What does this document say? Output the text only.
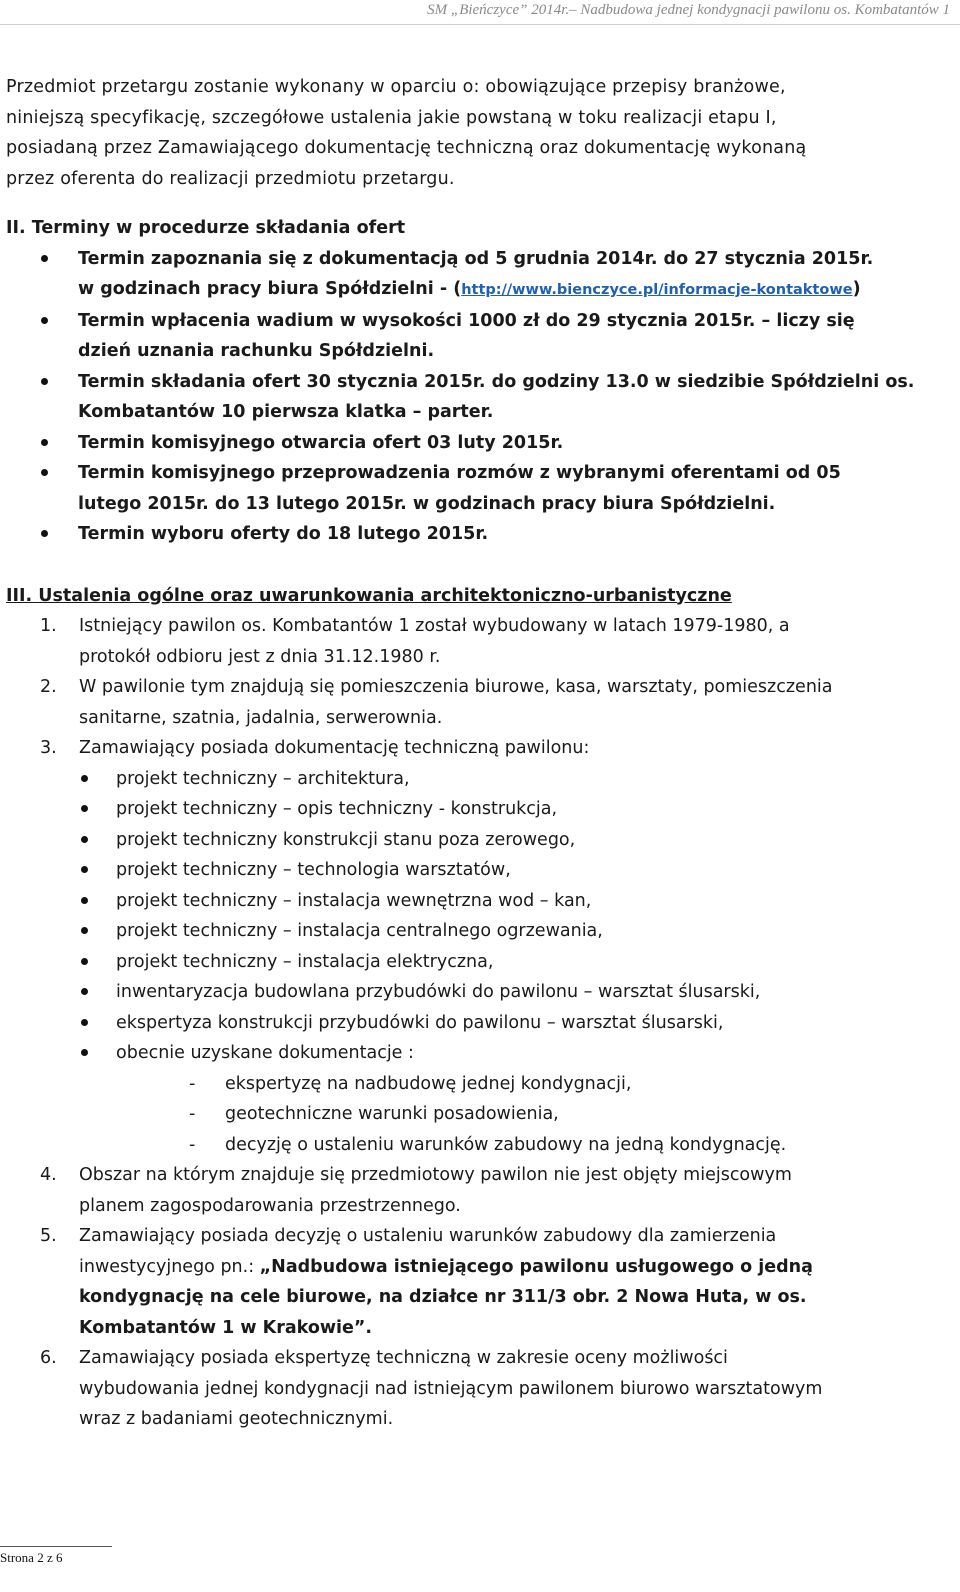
SM „Bieńczyce” 2014r.– Nadbudowa jednej kondygnacji pawilonu os. Kombatantów 1

Przedmiot przetargu zostanie wykonany w oparciu o: obowiązujące przepisy branżowe,

niniejszą specyfikację, szczegółowe ustalenia jakie powstaną w toku realizacji etapu I,

posiadaną przez Zamawiającego dokumentację techniczną oraz dokumentację wykonaną

przez oferenta do realizacji przedmiotu przetargu.

II. Terminy w procedurze składania ofert

Termin zapoznania się z dokumentacją od 5 grudnia 2014r. do 27 stycznia 2015r.
w godzinach pracy biura Spółdzielni - (http://www.bienczyce.pl/informacje-kontaktowe)
Termin wpłacenia wadium w wysokości 1000 zł do 29 stycznia 2015r. – liczy się
dzień uznania rachunku Spółdzielni.
Termin składania ofert 30 stycznia 2015r. do godziny 13.0 w siedzibie Spółdzielni os.
Kombatantów 10 pierwsza klatka – parter.
Termin komisyjnego otwarcia ofert 03 luty 2015r.
Termin komisyjnego przeprowadzenia rozmów z wybranymi oferentami od 05
lutego 2015r. do 13 lutego 2015r. w godzinach pracy biura Spółdzielni.
Termin wyboru oferty do 18 lutego 2015r.

III. Ustalenia ogólne oraz uwarunkowania architektoniczno-urbanistyczne

1. Istniejący pawilon os. Kombatantów 1 został wybudowany w latach 1979-1980, a
protokół odbioru jest z dnia 31.12.1980 r.
2. W pawilonie tym znajdują się pomieszczenia biurowe, kasa, warsztaty, pomieszczenia
sanitarne, szatnia, jadalnia, serwerownia.
3. Zamawiający posiada dokumentację techniczną pawilonu:
projekt techniczny – architektura,
projekt techniczny – opis techniczny - konstrukcja,
projekt techniczny konstrukcji stanu poza zerowego,
projekt techniczny – technologia warsztatów,
projekt techniczny – instalacja wewnętrzna wod – kan,
projekt techniczny – instalacja centralnego ogrzewania,
projekt techniczny – instalacja elektryczna,
inwentaryzacja budowlana przybudówki do pawilonu – warsztat ślusarski,
ekspertyza konstrukcji przybudówki do pawilonu – warsztat ślusarski,
obecnie uzyskane dokumentacje :
- ekspertyzę na nadbudowę jednej kondygnacji,
- geotechniczne warunki posadowienia,
- decyzję o ustaleniu warunków zabudowy na jedną kondygnację.
4. Obszar na którym znajduje się przedmiotowy pawilon nie jest objęty miejscowym
planem zagospodarowania przestrzennego.
5. Zamawiający posiada decyzję o ustaleniu warunków zabudowy dla zamierzenia
inwestycyjnego pn.: „Nadbudowa istniejącego pawilonu usługowego o jedną
kondygnację na cele biurowe, na działce nr 311/3 obr. 2 Nowa Huta, w os.
Kombatantów 1 w Krakowie”.
6. Zamawiający posiada ekspertyzę techniczną w zakresie oceny możliwości
wybudowania jednej kondygnacji nad istniejącym pawilonem biurowo warsztatowym
wraz z badaniami geotechnicznymi.
Strona 2 z 6
